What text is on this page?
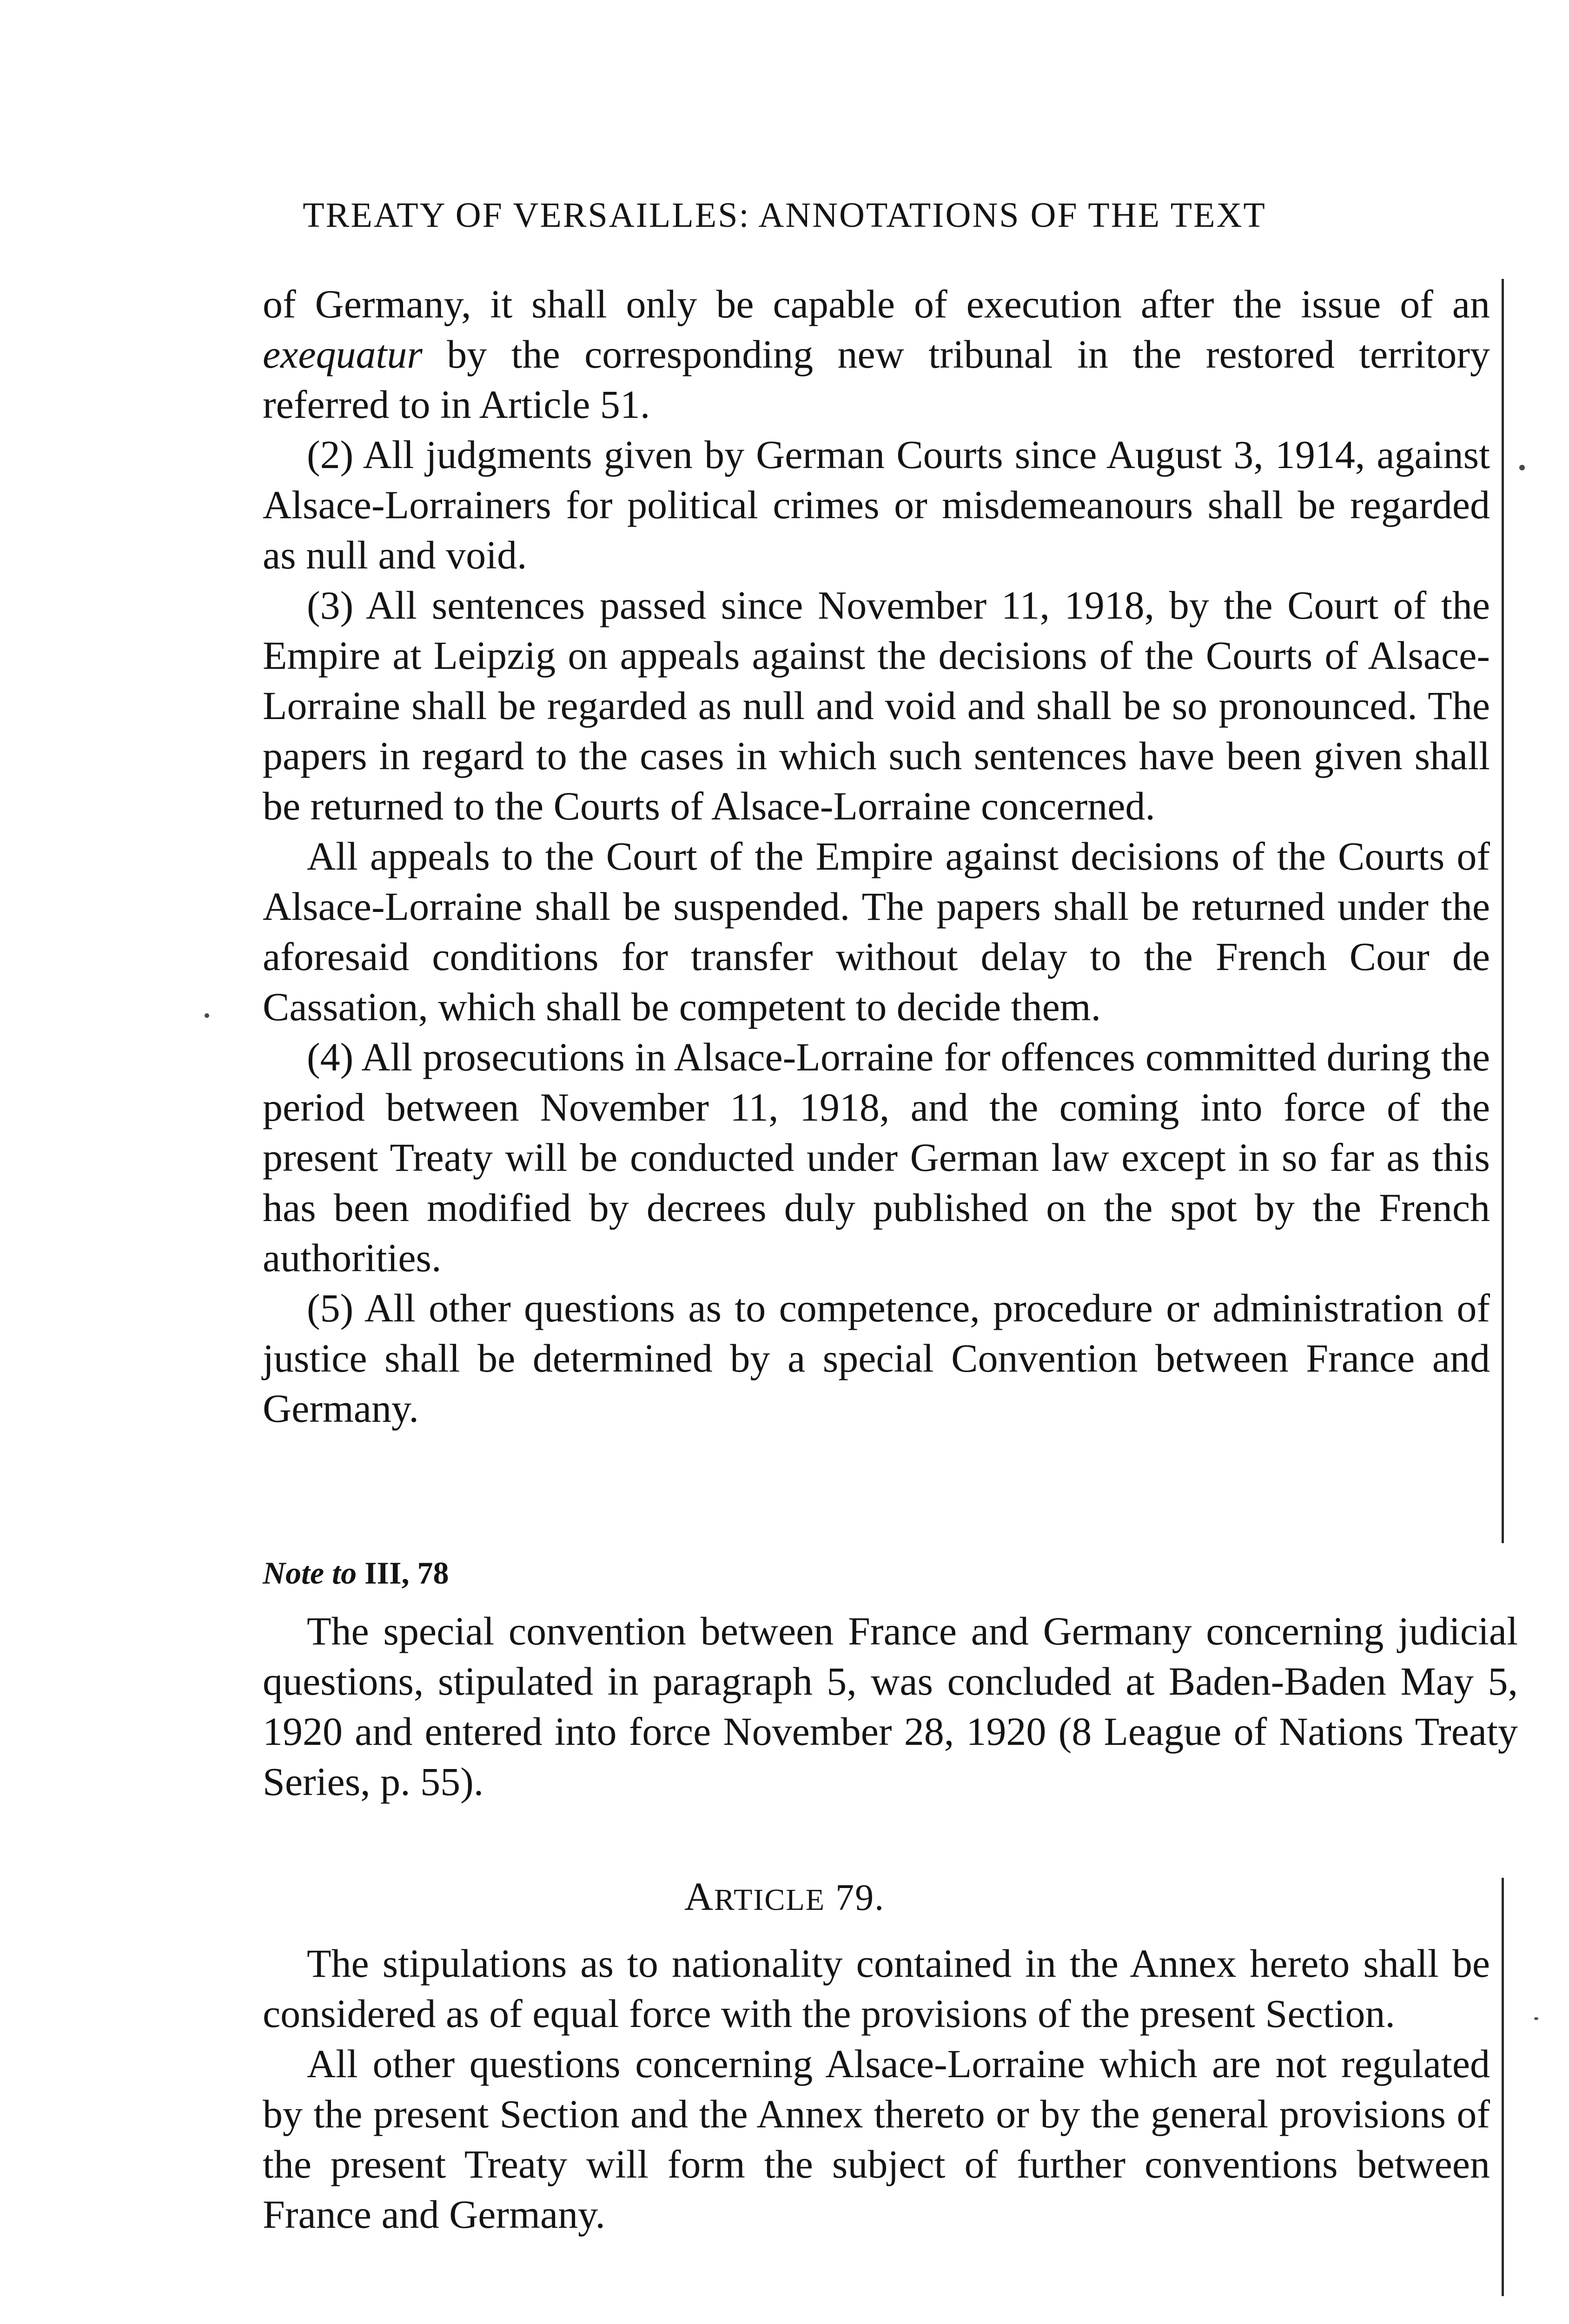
TREATY OF VERSAILLES: ANNOTATIONS OF THE TEXT

of Germany, it shall only be capable of execution after the issue of an exequatur by the corresponding new tribunal in the restored territory referred to in Article 51.

(2) All judgments given by German Courts since August 3, 1914, against Alsace-Lorrainers for political crimes or misdemeanours shall be regarded as null and void.

(3) All sentences passed since November 11, 1918, by the Court of the Empire at Leipzig on appeals against the decisions of the Courts of Alsace-Lorraine shall be regarded as null and void and shall be so pronounced. The papers in regard to the cases in which such sentences have been given shall be returned to the Courts of Alsace-Lorraine concerned.

All appeals to the Court of the Empire against decisions of the Courts of Alsace-Lorraine shall be suspended. The papers shall be returned under the aforesaid conditions for transfer without delay to the French Cour de Cassation, which shall be competent to decide them.

(4) All prosecutions in Alsace-Lorraine for offences committed during the period between November 11, 1918, and the coming into force of the present Treaty will be conducted under German law except in so far as this has been modified by decrees duly published on the spot by the French authorities.

(5) All other questions as to competence, procedure or administration of justice shall be determined by a special Convention between France and Germany.

Note to III, 78

The special convention between France and Germany concerning judicial questions, stipulated in paragraph 5, was concluded at Baden-Baden May 5, 1920 and entered into force November 28, 1920 (8 League of Nations Treaty Series, p. 55).

ARTICLE 79.

The stipulations as to nationality contained in the Annex hereto shall be considered as of equal force with the provisions of the present Section.

All other questions concerning Alsace-Lorraine which are not regulated by the present Section and the Annex thereto or by the general provisions of the present Treaty will form the subject of further conventions between France and Germany.
